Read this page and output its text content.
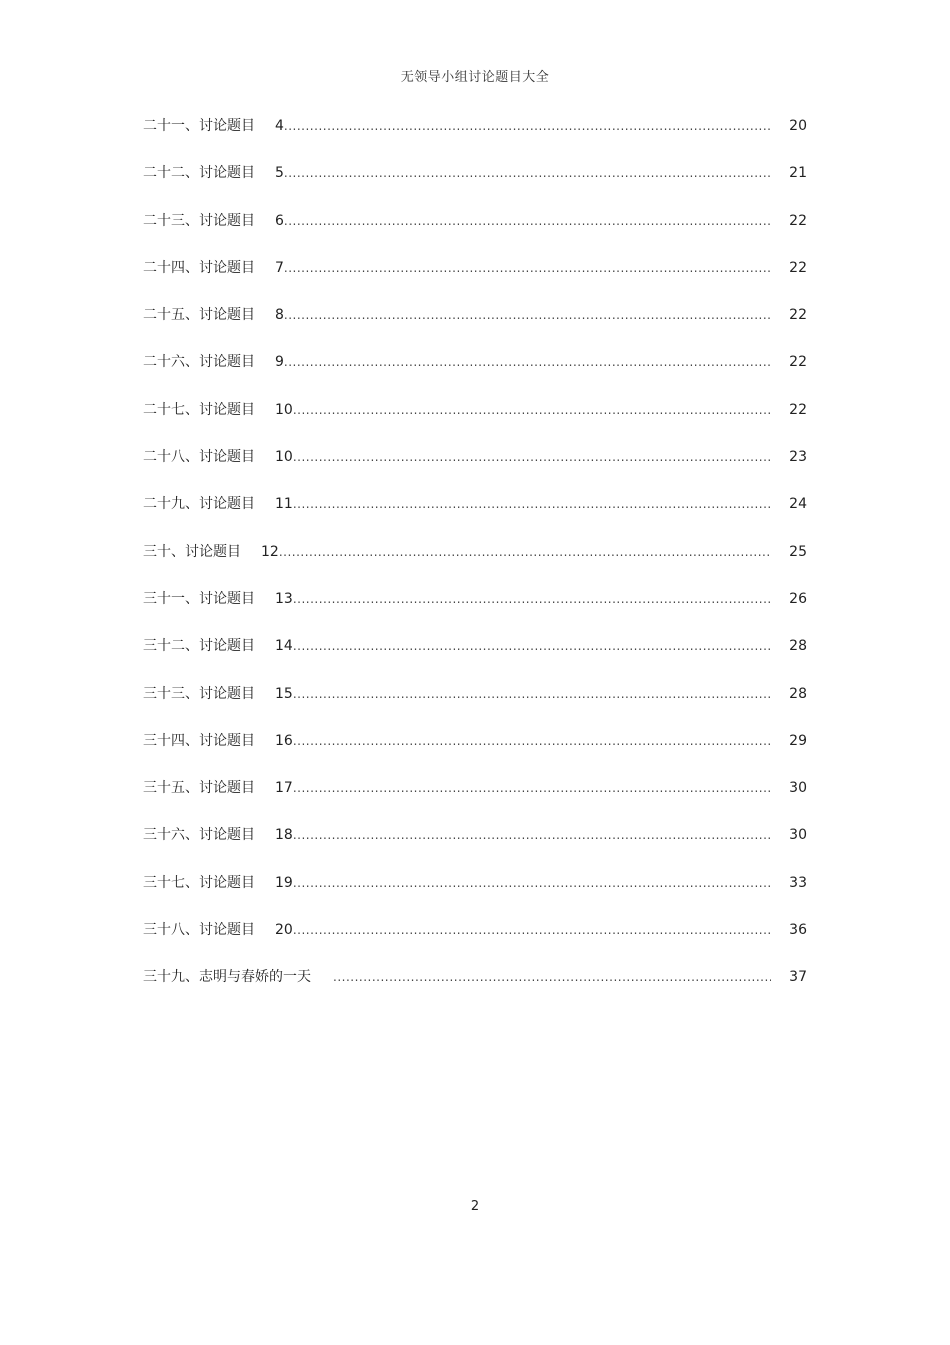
无领导小组讨论题目大全
二十一、讨论题目 4 .....	20
二十二、讨论题目 5 .....	21
二十三、讨论题目 6 .....	22
二十四、讨论题目 7 .....	22
二十五、讨论题目 8 .....	22
二十六、讨论题目 9 .....	22
二十七、讨论题目 10 .....	22
二十八、讨论题目 10 .....	23
二十九、讨论题目 11 .....	24
三十、讨论题目 12 .....	25
三十一、讨论题目 13 .....	26
三十二、讨论题目 14 .....	28
三十三、讨论题目 15 .....	28
三十四、讨论题目 16 .....	29
三十五、讨论题目 17 .....	30
三十六、讨论题目 18 .....	30
三十七、讨论题目 19 .....	33
三十八、讨论题目 20 .....	36
三十九、志明与春娇的一天 .....	37
2
